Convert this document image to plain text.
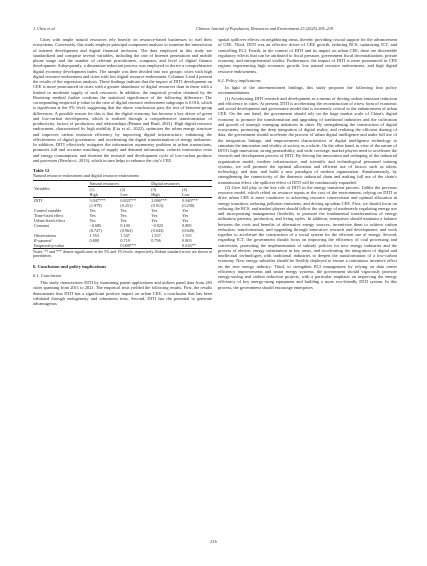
J. Chen et al.	Chinese Journal of Population, Resources and Environment 23 (2025) 205–219

Cities with ample natural resources rely heavily on resource-based businesses to fuel their ecosystems. Conversely, this study employs principal component analysis to examine the intersection of internet development and digital financial inclusion. The data employed in this study are standardized and comprise several variables, including the rate of Internet penetration and mobile phone usage and the number of relevant practitioners, computer, and level of digital finance development. Subsequently, a dimension-reduction process was employed to derive a comprehensive digital economy development index. The sample was then divided into two groups: cities with high digital resource endowment and cities with low digital resource endowment. Columns 3 and 4 present the results of the regression analysis. These findings indicate that the impact of DITI development on CEE is more pronounced in cities with a greater abundance of digital resources than in those with a limited or moderate supply of such resources. In addition, the empirical p-value obtained by the Bootstrap method further confirms the statistical significance of the following difference: The corresponding empirical p-value in the case of digital resource endowment subgroups is 0.016, which is significant at the 5% level, suggesting that the above conclusions pass the test of between-group differences. A possible reason for this is that the digital economy has become a key driver of green and low-carbon development, which is realized through a comprehensive transformation of productivity, factors of production, and relationships (Renner and Hartl, 2021). High digital resource endowment, characterized by high mobility (Liu et al., 2022), optimizes the urban energy structure and improves carbon emission efficiency by improving digital infrastructure, enhancing the effectiveness of digital governance, and accelerating the digital transformation of energy industries. In addition, DITI effectively mitigates the information asymmetry problem in urban transactions, promotes full and accurate matching of supply and demand information, reduces transaction costs and energy consumption, and shortens the research and development cycle of low-carbon products and processes (Berchicci, 2013), which in turn helps to enhance the city's CEE.

Table 12
Natural resource endowment and digital resource endowment
	Natural resources		Digital resources	
Variables	(1)	(2)	(3)	(4)
	High	Low	High	Low
DITI	3.947***	0.833***	2.086***	0.940***
	(1.979)	(0.251)	(0.913)	(0.230)
Control variable	Yes	Yes	Yes	Yes
Time-fixed effect	Yes	Yes	Yes	Yes
Urban-fixed effect	Yes	Yes	Yes	Yes
Constant	−0.685	0.100	−0.923	0.885
	(0.747)	(0.963)	(0.643)	(0.649)
Observations	1 553	1 547	1 537	1 555
R-squared	0.800	0.719	0.796	0.803
Empirical p-value		0.000***		0.016**

Notes: ** and *** denote significance at the 5% and 1% levels, respectively. Robust standard errors are shown in parentheses.

6. Conclusion and policy implications
6.1. Conclusion

This study characterizes DITI by examining patent applications and utilizes panel data from 283 cities spanning from 2011 to 2021. The empirical tests yielded the following results. First, the results demonstrate that DITI has a significant positive impact on urban CEE, a conclusion that has been validated through endogeneity and robustness tests. Second, DITI has the potential to generate advantageous

spatial spillover effects on neighboring areas, thereby providing crucial support for the advancement of CEE. Third, DITI was an effective driver of CEE growth, reducing RCS, optimizing ICT, and controlling ECI. Fourth, in the context of DITI and its impact on urban CEE, there are discernible regulatory effects that can be attributed to fiscal pressure, government fiscal decentralization, private economy, and entrepreneurial vitality. Furthermore, the impact of DITI is more pronounced in CEE regions experiencing high economic growth, low natural resource endowments, and high digital resource endowments.

6.2. Policy implications

In light of the aforementioned findings, this study proposes the following four policy recommendations.

(1) Accelerating DITI research and development as a means of driving carbon emission reduction and efficiency in cities. At present, DITI is accelerating the reconstruction of a new form of economic and social development and governance model that is extremely critical to the enhancement of urban CEE. On the one hand, the government should rely on the huge market scale of China's digital economy to promote the transformation and upgrading of traditional industries and the cultivation and growth of strategic emerging industries in cities. By strengthening the construction of digital ecosystems, promoting the deep integration of digital reality, and realizing the efficient sharing of data, the government should accelerate the process of urban digital intelligence and make full use of the integration, linkage, and empowerment characteristics of digital intelligence technology to stimulate the innovation and vitality of society as a whole. On the other hand, in view of the nature of DITI's high innovation, strong permeability, and wide coverage, market players need to accelerate the research and development process of DITI. By driving the innovation and reshaping of the industrial organization model, modern infrastructure, and scientific and technological personnel training systems, we will promote the optimal allocation and efficient use of factors such as talent, technology, and data, and build a new paradigm of modern organization. Simultaneously, by strengthening the connectivity of the domestic industrial chain and making full use of the chain's transmission effect, the spillover effect of DITI will be continuously expanded.

(2) Give full play to the key role of DITI in the energy transition process. Unlike the previous resource model, which relied on resource inputs at the cost of the environment, relying on DITI to drive urban CEE is more conducive to achieving resource conservation and optimal allocation in energy transition, reducing pollution emissions, and driving up urban CEE. First, we should focus on reducing the RCS, and market players should follow the strategy of moderately regulating energy use and incorporating management flexibility to promote the fundamental transformation of energy utilization patterns, production, and living styles. In addition, enterprises should maintain a balance between the costs and benefits of alternative energy sources; incentivize them to achieve carbon reduction, transformation, and upgrading through innovative research and development; and work together to accelerate the construction of a social system for the efficient use of energy. Second, regarding ICT, the government should focus on improving the efficiency of coal processing and conversion, promoting the implementation of subsidy policies for new energy industries and the process of electric energy substitution in key areas, and accelerating the integration of digital and intellectual technologies with traditional industries to deepen the transformation of a low-carbon economy. New energy subsidies should be flexibly deployed to ensure a continuous incentive effect on the new energy industry. Third, to strengthen ECI management by relying on data center efficiency improvements and smart energy systems, the government should vigorously promote energy-saving and carbon reduction projects, with a particular emphasis on improving the energy efficiency of key energy-using equipment and building a more eco-friendly DITI system. In this process, the government should encourage enterprises

216
